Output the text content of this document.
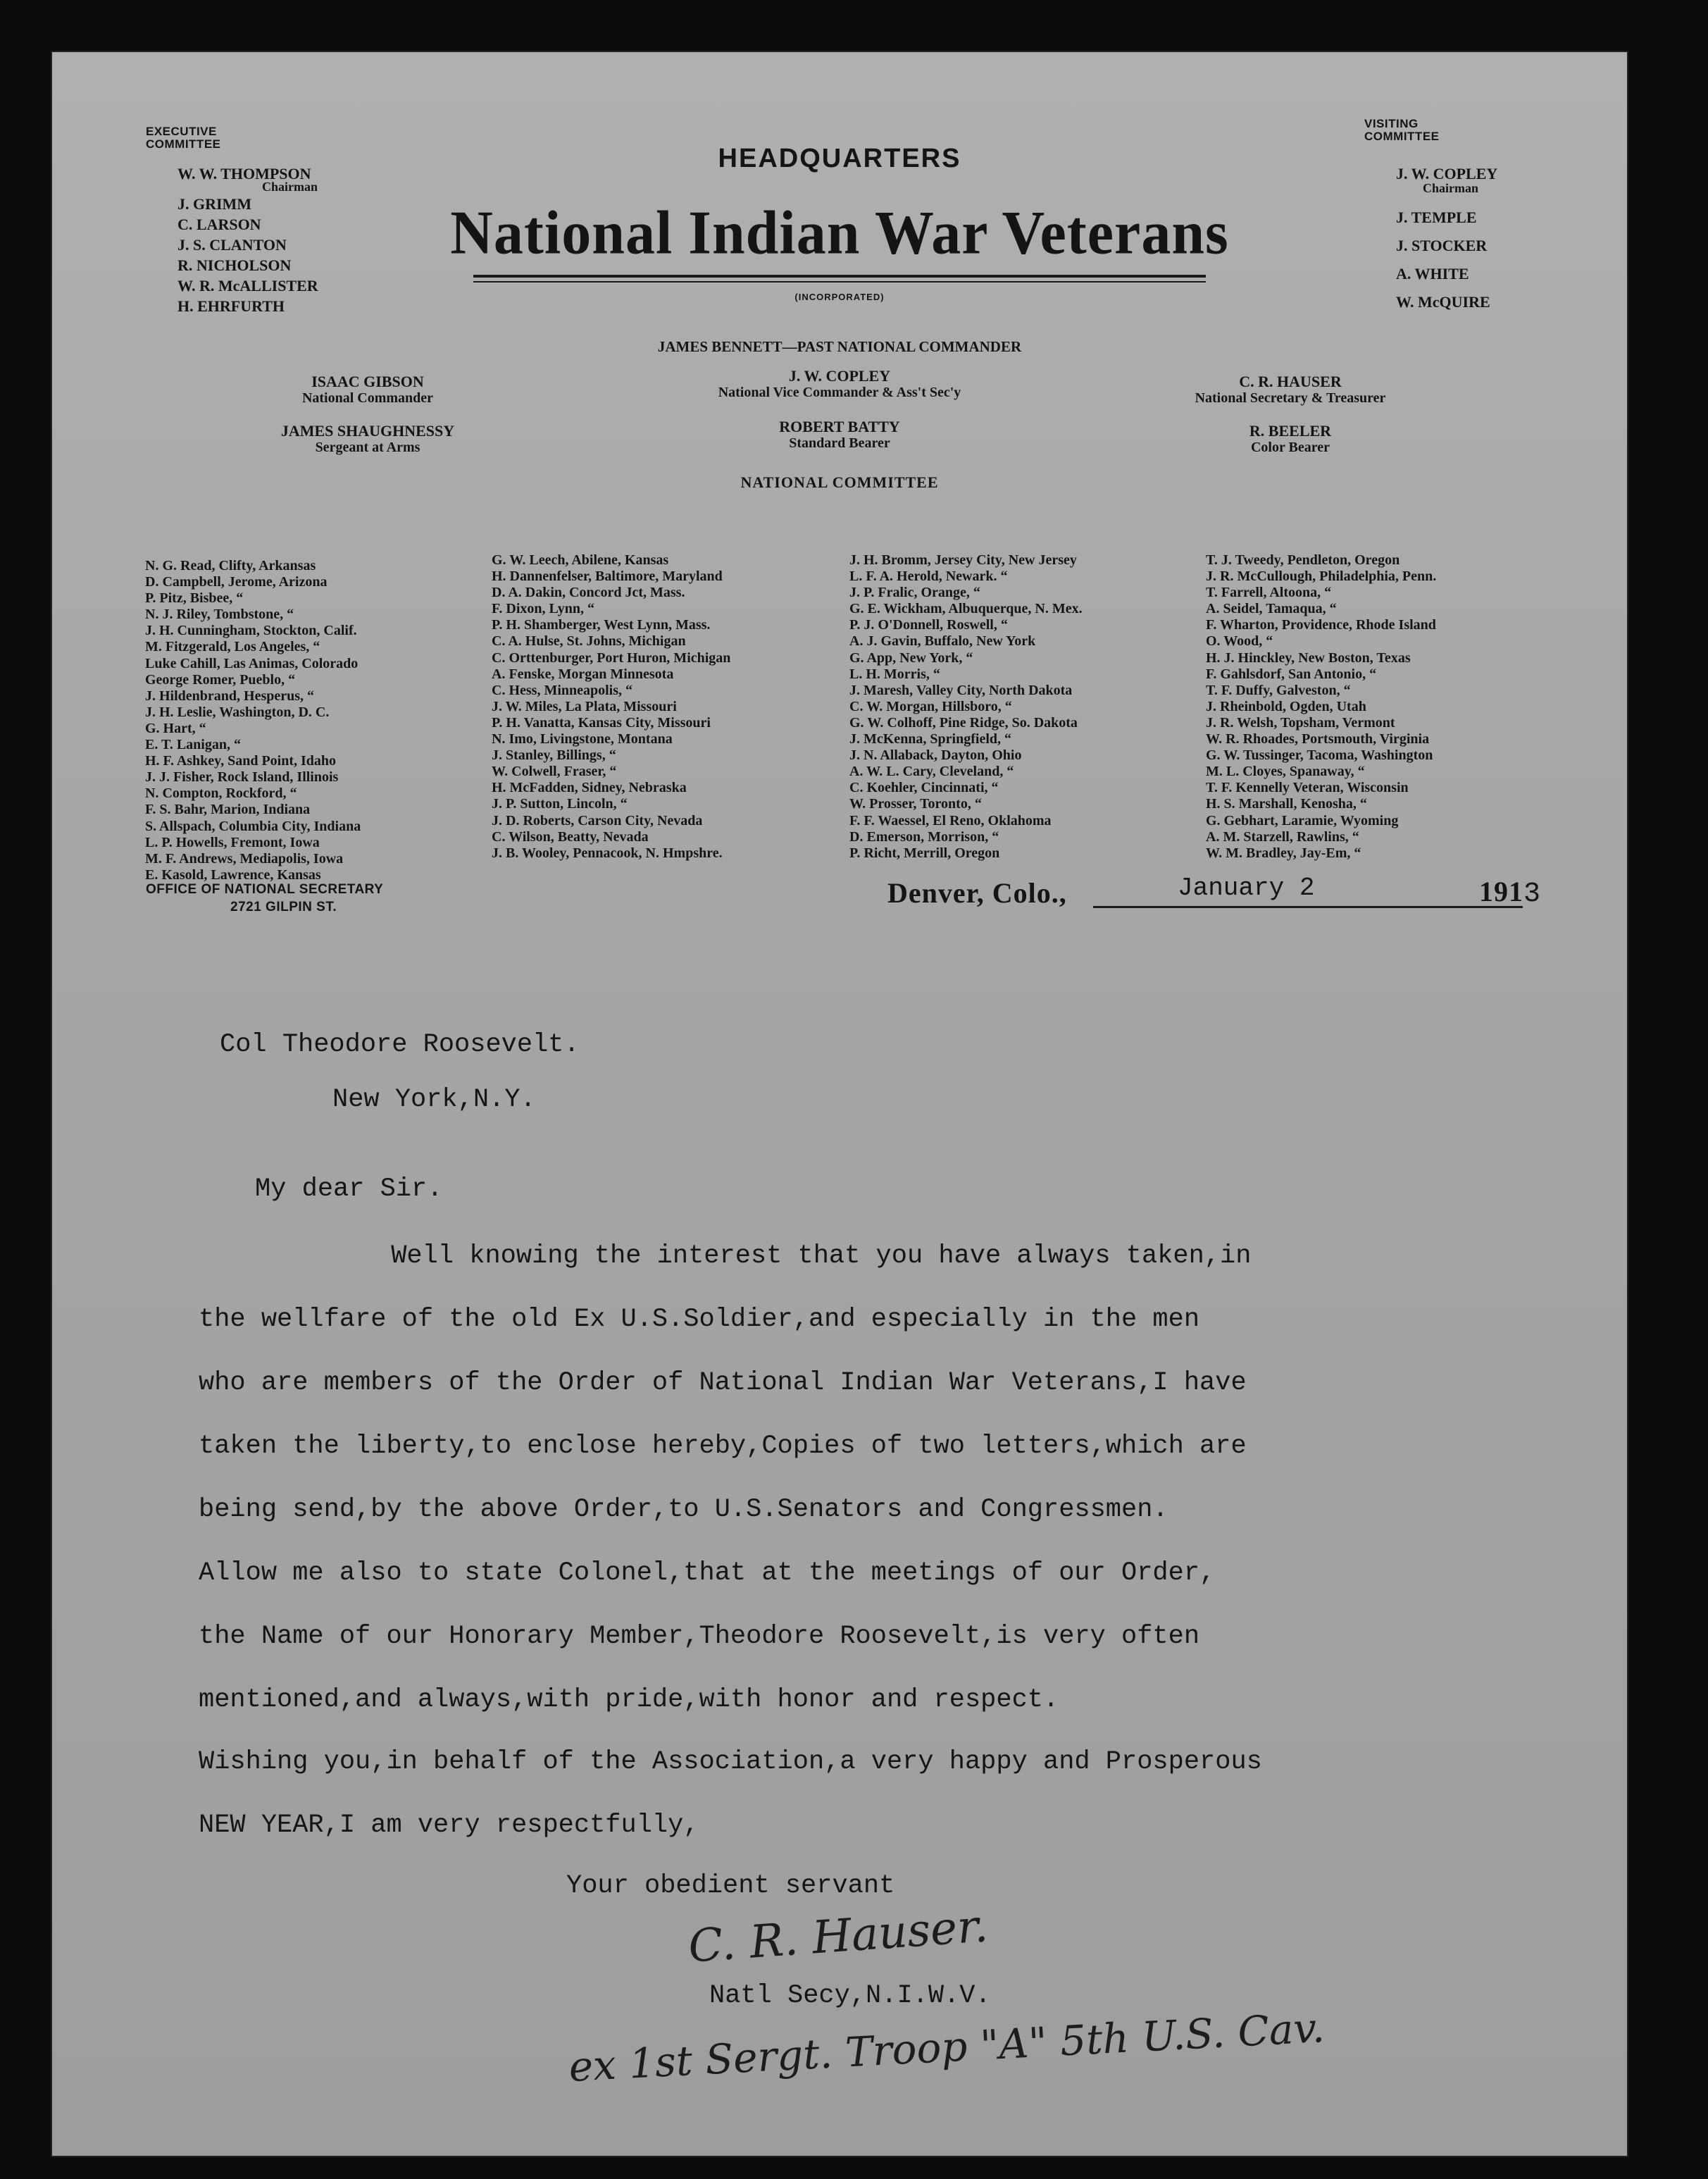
EXECUTIVE
COMMITTEE
W. W. THOMPSON
Chairman
J. GRIMM
C. LARSON
J. S. CLANTON
R. NICHOLSON
W. R. McALLISTER
H. EHRFURTH
VISITING
COMMITTEE
J. W. COPLEY
Chairman
J. TEMPLE
J. STOCKER
A. WHITE
W. McQUIRE
HEADQUARTERS
National Indian War Veterans
(INCORPORATED)
JAMES BENNETT—PAST NATIONAL COMMANDER
ISAAC GIBSON
National Commander
J. W. COPLEY
National Vice Commander & Ass't Sec'y
C. R. HAUSER
National Secretary & Treasurer
JAMES SHAUGHNESSY
Sergeant at Arms
ROBERT BATTY
Standard Bearer
R. BEELER
Color Bearer
NATIONAL COMMITTEE
N. G. Read, Clifty, Arkansas
D. Campbell, Jerome, Arizona
P. Pitz, Bisbee, “
N. J. Riley, Tombstone, “
J. H. Cunningham, Stockton, Calif.
M. Fitzgerald, Los Angeles, “
Luke Cahill, Las Animas, Colorado
George Romer, Pueblo, “
J. Hildenbrand, Hesperus, “
J. H. Leslie, Washington, D. C.
G. Hart, “
E. T. Lanigan, “
H. F. Ashkey, Sand Point, Idaho
J. J. Fisher, Rock Island, Illinois
N. Compton, Rockford, “
F. S. Bahr, Marion, Indiana
S. Allspach, Columbia City, Indiana
L. P. Howells, Fremont, Iowa
M. F. Andrews, Mediapolis, Iowa
E. Kasold, Lawrence, Kansas
G. W. Leech, Abilene, Kansas
H. Dannenfelser, Baltimore, Maryland
D. A. Dakin, Concord Jct, Mass.
F. Dixon, Lynn, “
P. H. Shamberger, West Lynn, Mass.
C. A. Hulse, St. Johns, Michigan
C. Orttenburger, Port Huron, Michigan
A. Fenske, Morgan Minnesota
C. Hess, Minneapolis, “
J. W. Miles, La Plata, Missouri
P. H. Vanatta, Kansas City, Missouri
N. Imo, Livingstone, Montana
J. Stanley, Billings, “
W. Colwell, Fraser, “
H. McFadden, Sidney, Nebraska
J. P. Sutton, Lincoln, “
J. D. Roberts, Carson City, Nevada
C. Wilson, Beatty, Nevada
J. B. Wooley, Pennacook, N. Hmpshre.
J. H. Bromm, Jersey City, New Jersey
L. F. A. Herold, Newark. “
J. P. Fralic, Orange, “
G. E. Wickham, Albuquerque, N. Mex.
P. J. O'Donnell, Roswell, “
A. J. Gavin, Buffalo, New York
G. App, New York, “
L. H. Morris, “
J. Maresh, Valley City, North Dakota
C. W. Morgan, Hillsboro, “
G. W. Colhoff, Pine Ridge, So. Dakota
J. McKenna, Springfield, “
J. N. Allaback, Dayton, Ohio
A. W. L. Cary, Cleveland, “
C. Koehler, Cincinnati, “
W. Prosser, Toronto, “
F. F. Waessel, El Reno, Oklahoma
D. Emerson, Morrison, “
P. Richt, Merrill, Oregon
T. J. Tweedy, Pendleton, Oregon
J. R. McCullough, Philadelphia, Penn.
T. Farrell, Altoona, “
A. Seidel, Tamaqua, “
F. Wharton, Providence, Rhode Island
O. Wood, “
H. J. Hinckley, New Boston, Texas
F. Gahlsdorf, San Antonio, “
T. F. Duffy, Galveston, “
J. Rheinbold, Ogden, Utah
J. R. Welsh, Topsham, Vermont
W. R. Rhoades, Portsmouth, Virginia
G. W. Tussinger, Tacoma, Washington
M. L. Cloyes, Spanaway, “
T. F. Kennelly Veteran, Wisconsin
H. S. Marshall, Kenosha, “
G. Gebhart, Laramie, Wyoming
A. M. Starzell, Rawlins, “
W. M. Bradley, Jay-Em, “
OFFICE OF NATIONAL SECRETARY
2721 GILPIN ST.	Denver, Colo.,	January 2	1913
Col Theodore Roosevelt.
New York,N.Y.
My dear Sir.
Well knowing the interest that you have always taken,in
the wellfare of the old Ex U.S.Soldier,and especially in the men
who are members of the Order of National Indian War Veterans,I have
taken the liberty,to enclose hereby,Copies of two letters,which are
being send,by the above Order,to U.S.Senators and Congressmen.
Allow me also to state Colonel,that at the meetings of our Order,
the Name of our Honorary Member,Theodore Roosevelt,is very often
mentioned,and always,with pride,with honor and respect.
Wishing you,in behalf of the Association,a very happy and Prosperous
NEW YEAR,I am very respectfully,
Your obedient servant
C. R. Hauser.
Natl Secy,N.I.W.V.
ex 1st Sergt. Troop "A" 5th U.S. Cav.
